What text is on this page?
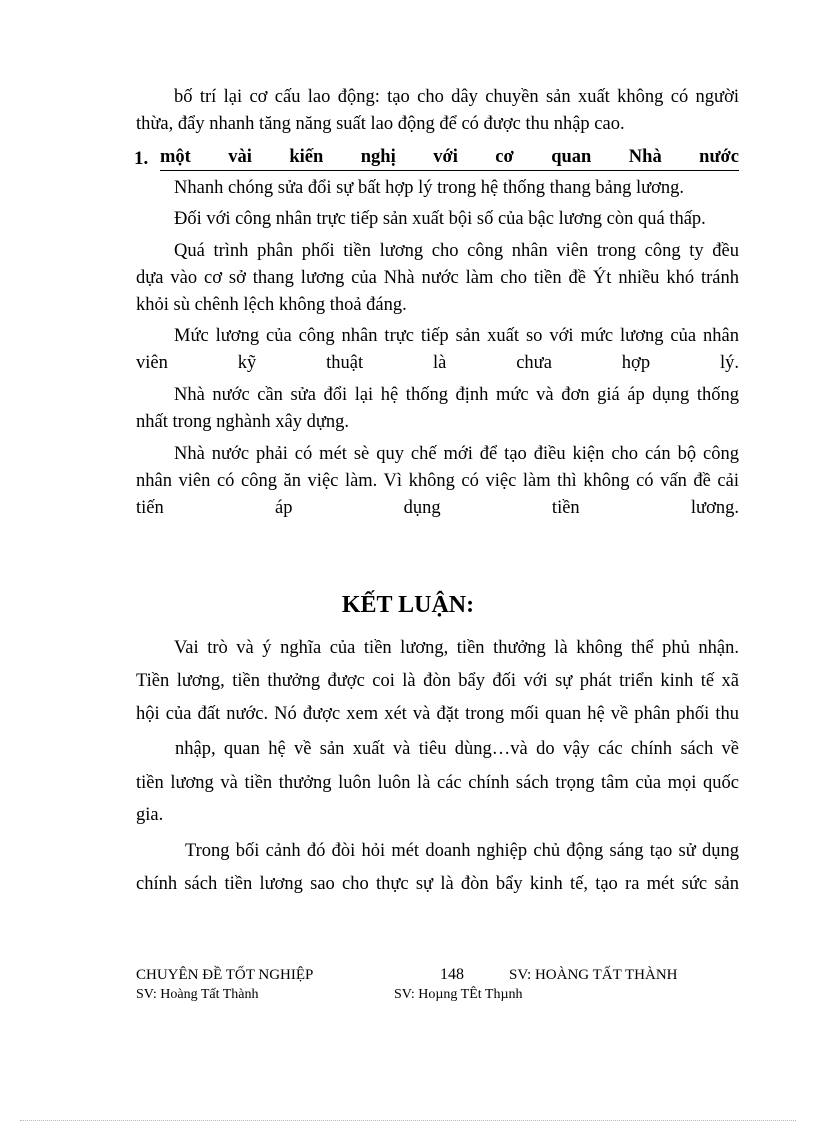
bố trí lại cơ cấu lao động: tạo cho dây chuyền sản xuất không có người
thừa, đẩy nhanh tăng năng suất lao động để có được thu nhập cao.
1. một vài kiến nghị với cơ quan Nhà nước
Nhanh chóng sửa đổi sự bất hợp lý trong hệ thống thang bảng lương.
Đối với công nhân trực tiếp sản xuất bội số của bậc lương còn quá thấp.
Quá trình phân phối tiền lương cho công nhân viên trong công ty đều
dựa vào cơ sở thang lương của Nhà nước làm cho tiền đề Ýt nhiều khó tránh
khỏi sù chênh lệch không thoả đáng.
Mức lương của công nhân trực tiếp sản xuất so với mức lương của nhân
viên kỹ thuật là chưa hợp lý.
Nhà nước cần sửa đổi lại hệ thống định mức và đơn giá áp dụng thống
nhất trong nghành xây dựng.
Nhà nước phải có mét sè quy chế mới để tạo điều kiện cho cán bộ công
nhân viên có công ăn việc làm. Vì không có việc làm thì không có vấn đề cải
tiến áp dụng tiền lương.
KẾT LUẬN:
Vai trò và ý nghĩa của tiền lương, tiền thưởng là không thể phủ nhận.
Tiền lương, tiền thưởng được coi là đòn bẩy đối với sự phát triển kinh tế xã
hội của đất nước. Nó được xem xét và đặt trong mối quan hệ về phân phối thu
nhập, quan hệ về sản xuất và tiêu dùng…và do vậy các chính sách về
tiền lương và tiền thưởng luôn luôn là các chính sách trọng tâm của mọi quốc
gia.
Trong bối cảnh đó đòi hỏi mét doanh nghiệp chủ động sáng tạo sử dụng
chính sách tiền lương sao cho thực sự là đòn bẩy kinh tế, tạo ra mét sức sản
CHUYÊN ĐỀ TỐT NGHIỆP	148	SV: HOÀNG TẤT THÀNH
SV: Hoàng Tất Thành	SV: Hoµng TÊt Thµnh
